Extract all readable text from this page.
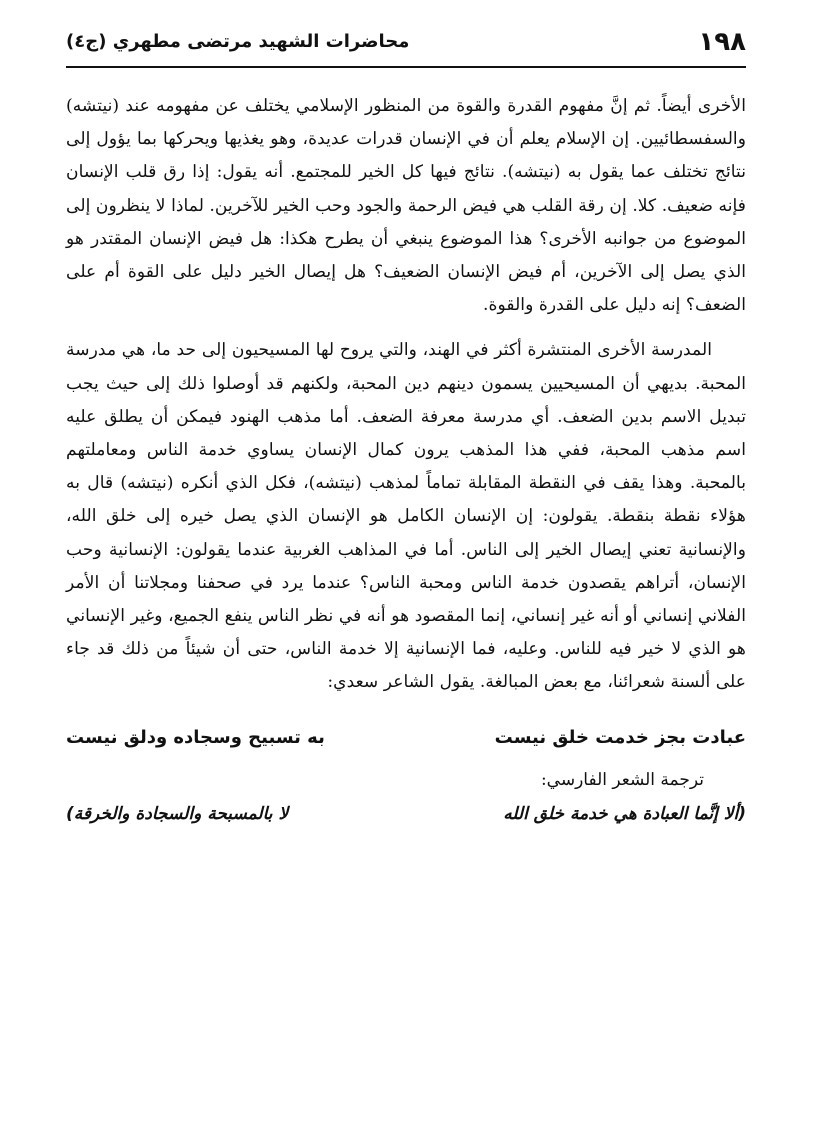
١٩٨
محاضرات الشهيد مرتضى مطهري (ج٤)

الأخرى أيضاً. ثم إنَّ مفهوم القدرة والقوة من المنظور الإسلامي يختلف عن مفهومه عند (نيتشه) والسفسطائيين. إن الإسلام يعلم أن في الإنسان قدرات عديدة، وهو يغذيها ويحركها بما يؤول إلى نتائج تختلف عما يقول به (نيتشه). نتائج فيها كل الخير للمجتمع. أنه يقول: إذا رق قلب الإنسان فإنه ضعيف. كلا. إن رقة القلب هي فيض الرحمة والجود وحب الخير للآخرين. لماذا لا ينظرون إلى الموضوع من جوانبه الأخرى؟ هذا الموضوع ينبغي أن يطرح هكذا: هل فيض الإنسان المقتدر هو الذي يصل إلى الآخرين، أم فيض الإنسان الضعيف؟ هل إيصال الخير دليل على القوة أم على الضعف؟ إنه دليل على القدرة والقوة.

المدرسة الأخرى المنتشرة أكثر في الهند، والتي يروح لها المسيحيون إلى حد ما، هي مدرسة المحبة. بديهي أن المسيحيين يسمون دينهم دين المحبة، ولكنهم قد أوصلوا ذلك إلى حيث يجب تبديل الاسم بدين الضعف. أي مدرسة معرفة الضعف. أما مذهب الهنود فيمكن أن يطلق عليه اسم مذهب المحبة، ففي هذا المذهب يرون كمال الإنسان يساوي خدمة الناس ومعاملتهم بالمحبة. وهذا يقف في النقطة المقابلة تماماً لمذهب (نيتشه)، فكل الذي أنكره (نيتشه) قال به هؤلاء نقطة بنقطة. يقولون: إن الإنسان الكامل هو الإنسان الذي يصل خيره إلى خلق الله، والإنسانية تعني إيصال الخير إلى الناس. أما في المذاهب الغربية عندما يقولون: الإنسانية وحب الإنسان، أتراهم يقصدون خدمة الناس ومحبة الناس؟ عندما يرد في صحفنا ومجلاتنا أن الأمر الفلاني إنساني أو أنه غير إنساني، إنما المقصود هو أنه في نظر الناس ينفع الجميع، وغير الإنساني هو الذي لا خير فيه للناس. وعليه، فما الإنسانية إلا خدمة الناس، حتى أن شيئاً من ذلك قد جاء على ألسنة شعرائنا، مع بعض المبالغة. يقول الشاعر سعدي:

عبادت بجز خدمت خلق نيست
به تسبيح وسجاده ودلق نيست
ترجمة الشعر الفارسي:
(ألا إنَّما العبادة هي خدمة خلق الله
لا بالمسبحة والسجادة والخرقة)
